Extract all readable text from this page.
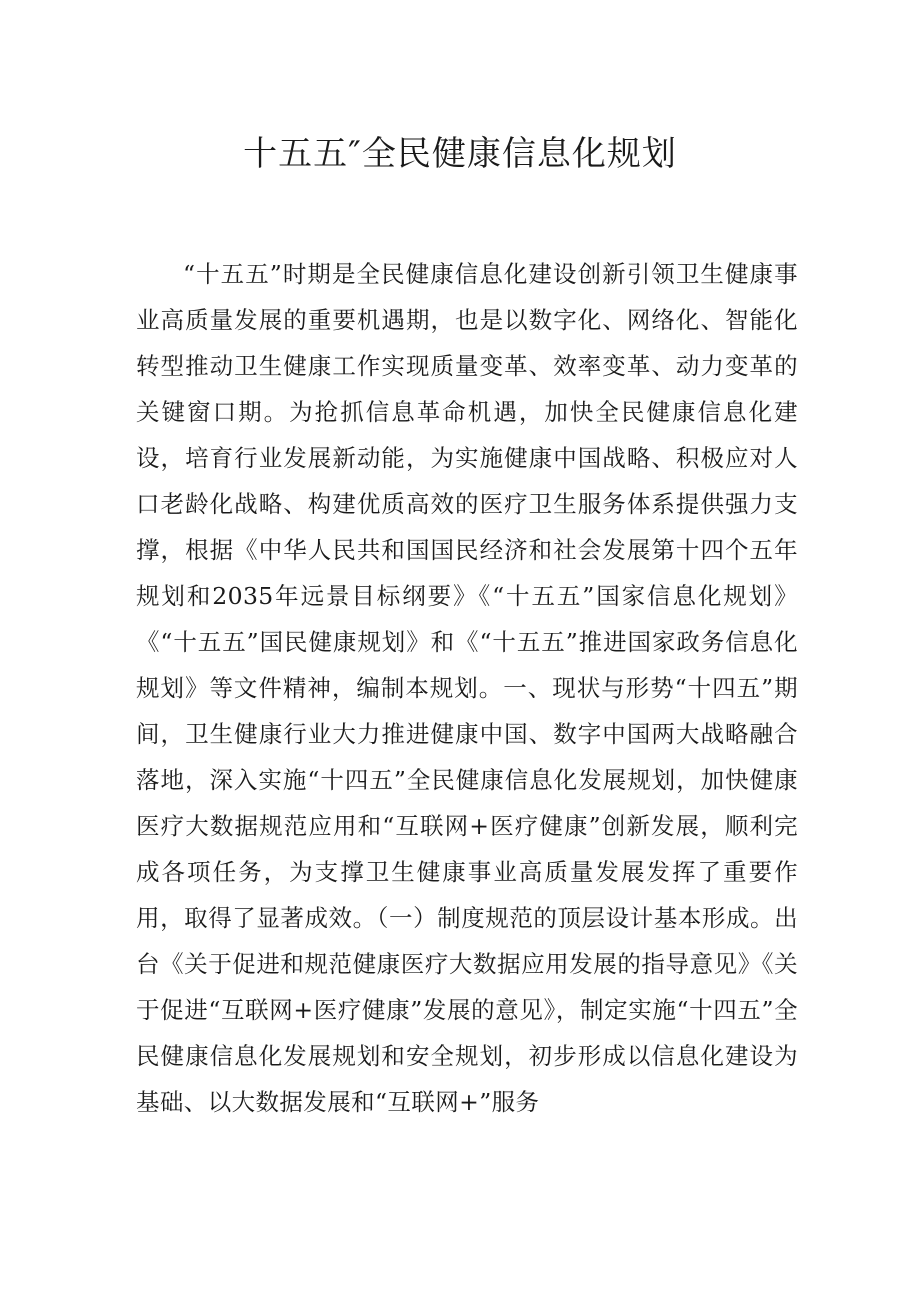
十五五″全民健康信息化规划

“十五五”时期是全民健康信息化建设创新引领卫生健康事业高质量发展的重要机遇期，也是以数字化、网络化、智能化转型推动卫生健康工作实现质量变革、效率变革、动力变革的关键窗口期。为抢抓信息革命机遇，加快全民健康信息化建设，培育行业发展新动能，为实施健康中国战略、积极应对人口老龄化战略、构建优质高效的医疗卫生服务体系提供强力支撑，根据《中华人民共和国国民经济和社会发展第十四个五年规划和2035年远景目标纲要》《“十五五”国家信息化规划》《“十五五”国民健康规划》和《“十五五”推进国家政务信息化规划》等文件精神，编制本规划。一、现状与形势“十四五”期间，卫生健康行业大力推进健康中国、数字中国两大战略融合落地，深入实施“十四五”全民健康信息化发展规划，加快健康医疗大数据规范应用和“互联网+医疗健康”创新发展，顺利完成各项任务，为支撑卫生健康事业高质量发展发挥了重要作用，取得了显著成效。（一）制度规范的顶层设计基本形成。出台《关于促进和规范健康医疗大数据应用发展的指导意见》《关于促进“互联网+医疗健康”发展的意见》，制定实施“十四五”全民健康信息化发展规划和安全规划，初步形成以信息化建设为基础、以大数据发展和“互联网+”服务
